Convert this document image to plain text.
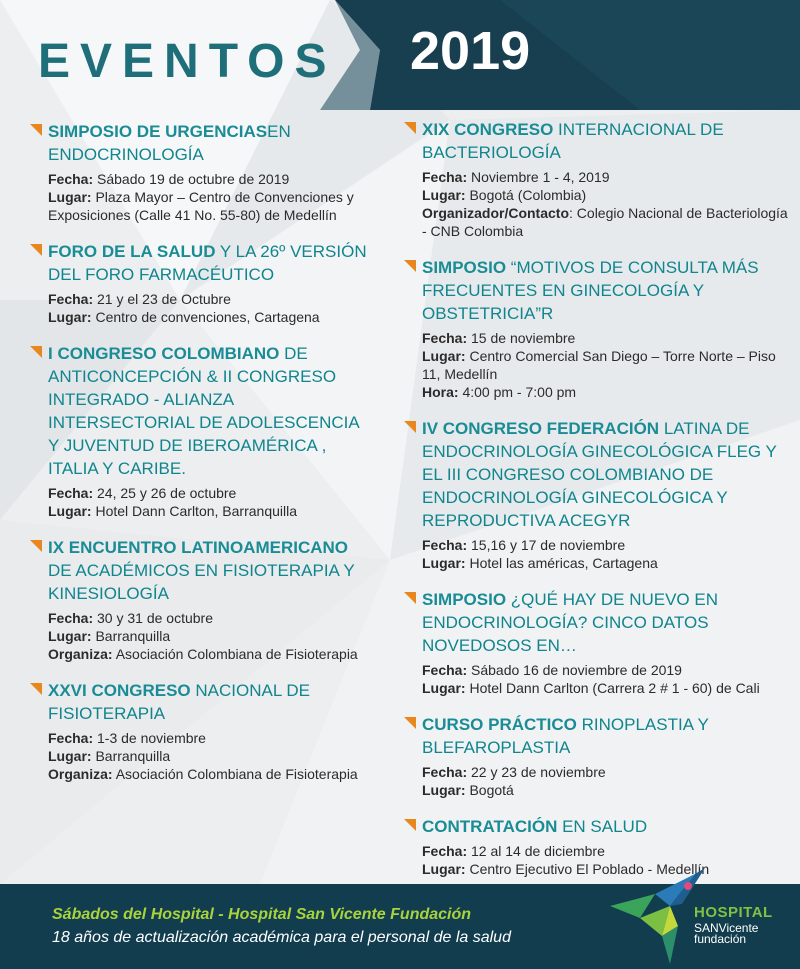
EVENTOS 2019
SIMPOSIO DE URGENCIASEN ENDOCRINOLOGÍA
Fecha: Sábado 19 de octubre de 2019
Lugar: Plaza Mayor – Centro de Convenciones y Exposiciones (Calle 41 No. 55-80) de Medellín
FORO DE LA SALUD Y LA 26º VERSIÓN DEL FORO FARMACÉUTICO
Fecha: 21 y el 23 de Octubre
Lugar: Centro de convenciones, Cartagena
I CONGRESO COLOMBIANO DE ANTICONCEPCIÓN & II CONGRESO INTEGRADO - ALIANZA INTERSECTORIAL DE ADOLESCENCIA Y JUVENTUD DE IBEROAMÉRICA , ITALIA Y CARIBE.
Fecha: 24, 25 y 26 de octubre
Lugar: Hotel Dann Carlton, Barranquilla
IX ENCUENTRO LATINOAMERICANO DE ACADÉMICOS EN FISIOTERAPIA Y KINESIOLOGÍA
Fecha: 30 y 31 de octubre
Lugar: Barranquilla
Organiza: Asociación Colombiana de Fisioterapia
XXVI CONGRESO NACIONAL DE FISIOTERAPIA
Fecha: 1-3 de noviembre
Lugar: Barranquilla
Organiza: Asociación Colombiana de Fisioterapia
XIX CONGRESO INTERNACIONAL DE BACTERIOLOGÍA
Fecha: Noviembre 1 - 4, 2019
Lugar: Bogotá (Colombia)
Organizador/Contacto: Colegio Nacional de Bacteriología - CNB Colombia
SIMPOSIO “MOTIVOS DE CONSULTA MÁS FRECUENTES EN GINECOLOGÍA Y OBSTETRICIA”R
Fecha: 15 de noviembre
Lugar: Centro Comercial San Diego – Torre Norte – Piso 11, Medellín
Hora: 4:00 pm - 7:00 pm
IV CONGRESO FEDERACIÓN LATINA DE ENDOCRINOLOGÍA GINECOLÓGICA FLEG Y EL III CONGRESO COLOMBIANO DE ENDOCRINOLOGÍA GINECOLÓGICA Y REPRODUCTIVA ACEGYR
Fecha: 15,16 y 17 de noviembre
Lugar: Hotel las américas, Cartagena
SIMPOSIO ¿QUÉ HAY DE NUEVO EN ENDOCRINOLOGÍA? CINCO DATOS NOVEDOSOS EN…
Fecha: Sábado 16 de noviembre de 2019
Lugar: Hotel Dann Carlton (Carrera 2 # 1 - 60) de Cali
CURSO PRÁCTICO RINOPLASTIA Y BLEFAROPLASTIA
Fecha: 22 y 23 de noviembre
Lugar: Bogotá
CONTRATACIÓN EN SALUD
Fecha: 12 al 14 de diciembre
Lugar: Centro Ejecutivo El Poblado - Medellín
Sábados del Hospital - Hospital San Vicente Fundación
18 años de actualización académica para el personal de la salud
HOSPITAL
SANVicente
fundación
